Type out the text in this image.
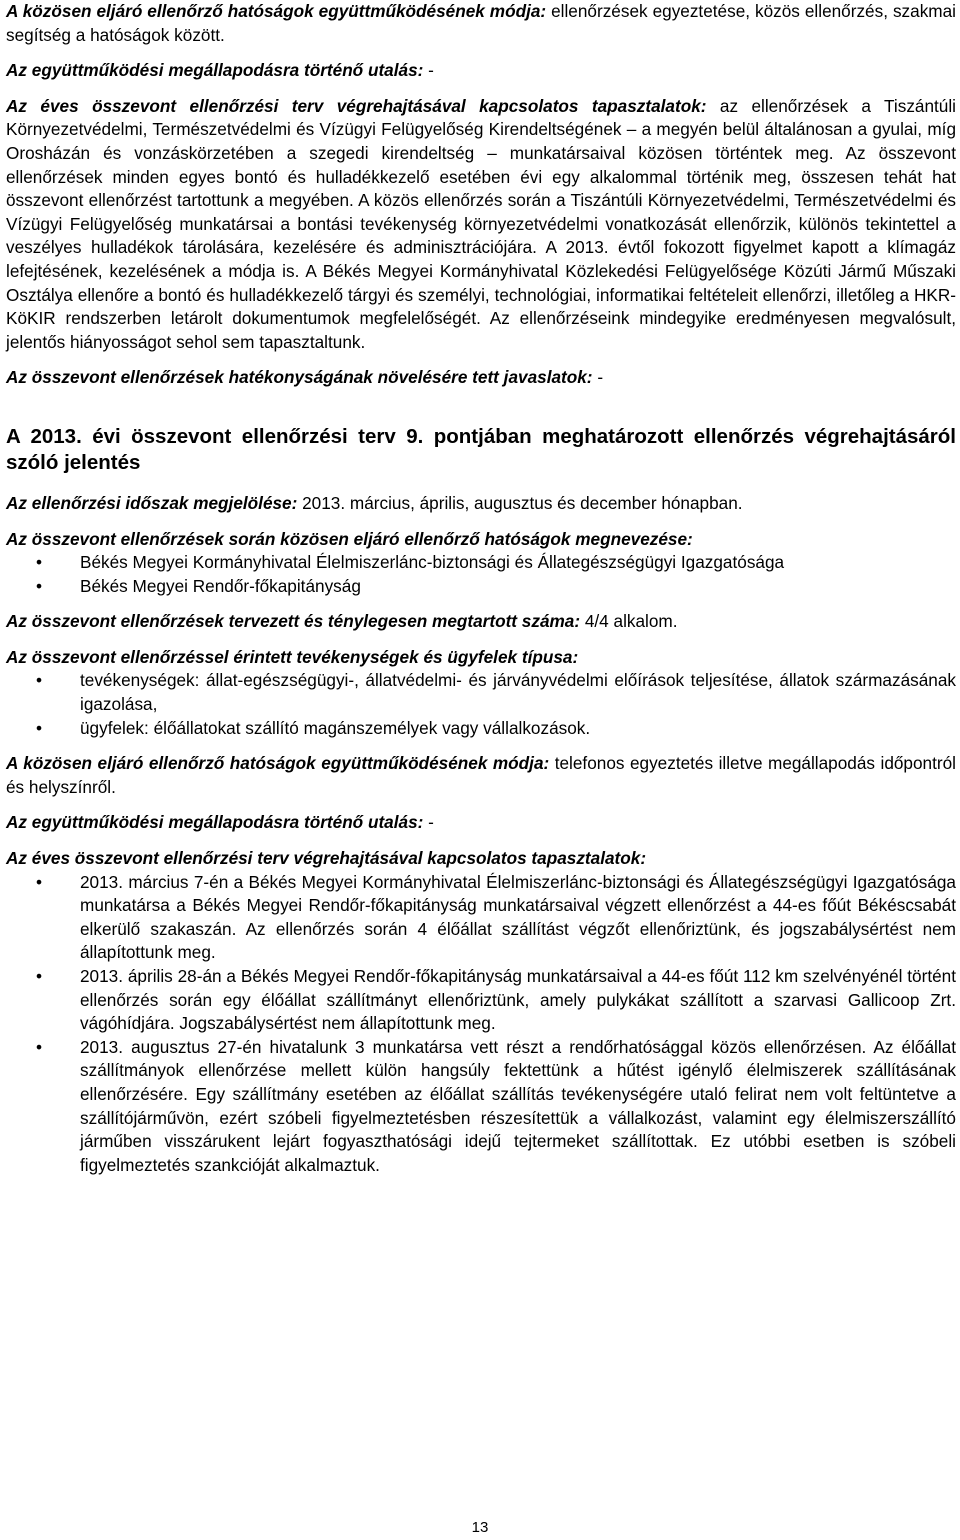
A közösen eljáró ellenőrző hatóságok együttműködésének módja: ellenőrzések egyeztetése, közös ellenőrzés, szakmai segítség a hatóságok között.

Az együttműködési megállapodásra történő utalás: -

Az éves összevont ellenőrzési terv végrehajtásával kapcsolatos tapasztalatok: az ellenőrzések a Tiszántúli Környezetvédelmi, Természetvédelmi és Vízügyi Felügyelőség Kirendeltségének – a megyén belül általánosan a gyulai, míg Orosházán és vonzáskörzetében a szegedi kirendeltség – munkatársaival közösen történtek meg. Az összevont ellenőrzések minden egyes bontó és hulladékkezelő esetében évi egy alkalommal történik meg, összesen tehát hat összevont ellenőrzést tartottunk a megyében. A közös ellenőrzés során a Tiszántúli Környezetvédelmi, Természetvédelmi és Vízügyi Felügyelőség munkatársai a bontási tevékenység környezetvédelmi vonatkozását ellenőrzik, különös tekintettel a veszélyes hulladékok tárolására, kezelésére és adminisztrációjára. A 2013. évtől fokozott figyelmet kapott a klímagáz lefejtésének, kezelésének a módja is. A Békés Megyei Kormányhivatal Közlekedési Felügyelősége Közúti Jármű Műszaki Osztálya ellenőre a bontó és hulladékkezelő tárgyi és személyi, technológiai, informatikai feltételeit ellenőrzi, illetőleg a HKR-KöKIR rendszerben letárolt dokumentumok megfelelőségét. Az ellenőrzéseink mindegyike eredményesen megvalósult, jelentős hiányosságot sehol sem tapasztaltunk.

Az összevont ellenőrzések hatékonyságának növelésére tett javaslatok: -

A 2013. évi összevont ellenőrzési terv 9. pontjában meghatározott ellenőrzés végrehajtásáról szóló jelentés

Az ellenőrzési időszak megjelölése: 2013. március, április, augusztus és december hónapban.

Az összevont ellenőrzések során közösen eljáró ellenőrző hatóságok megnevezése:

• Békés Megyei Kormányhivatal Élelmiszerlánc-biztonsági és Állategészségügyi Igazgatósága
• Békés Megyei Rendőr-főkapitányság

Az összevont ellenőrzések tervezett és ténylegesen megtartott száma: 4/4 alkalom.

Az összevont ellenőrzéssel érintett tevékenységek és ügyfelek típusa:

• tevékenységek: állat-egészségügyi-, állatvédelmi- és járványvédelmi előírások teljesítése, állatok származásának igazolása,
• ügyfelek: élőállatokat szállító magánszemélyek vagy vállalkozások.

A közösen eljáró ellenőrző hatóságok együttműködésének módja: telefonos egyeztetés illetve megállapodás időpontról és helyszínről.

Az együttműködési megállapodásra történő utalás: -

Az éves összevont ellenőrzési terv végrehajtásával kapcsolatos tapasztalatok:

• 2013. március 7-én a Békés Megyei Kormányhivatal Élelmiszerlánc-biztonsági és Állategészségügyi Igazgatósága munkatársa a Békés Megyei Rendőr-főkapitányság munkatársaival végzett ellenőrzést a 44-es főút Békéscsabát elkerülő szakaszán. Az ellenőrzés során 4 élőállat szállítást végzőt ellenőriztünk, és jogszabálysértést nem állapítottunk meg.
• 2013. április 28-án a Békés Megyei Rendőr-főkapitányság munkatársaival a 44-es főút 112 km szelvényénél történt ellenőrzés során egy élőállat szállítmányt ellenőriztünk, amely pulykákat szállított a szarvasi Gallicoop Zrt. vágóhídjára. Jogszabálysértést nem állapítottunk meg.
• 2013. augusztus 27-én hivatalunk 3 munkatársa vett részt a rendőrhatósággal közös ellenőrzésen. Az élőállat szállítmányok ellenőrzése mellett külön hangsúly fektettünk a hűtést igénylő élelmiszerek szállításának ellenőrzésére. Egy szállítmány esetében az élőállat szállítás tevékenységére utaló felirat nem volt feltüntetve a szállítójárművön, ezért szóbeli figyelmeztetésben részesítettük a vállalkozást, valamint egy élelmiszerszállító járműben visszárukent lejárt fogyaszthatósági idejű tejtermeket szállítottak. Ez utóbbi esetben is szóbeli figyelmeztetés szankcióját alkalmaztuk.
13
